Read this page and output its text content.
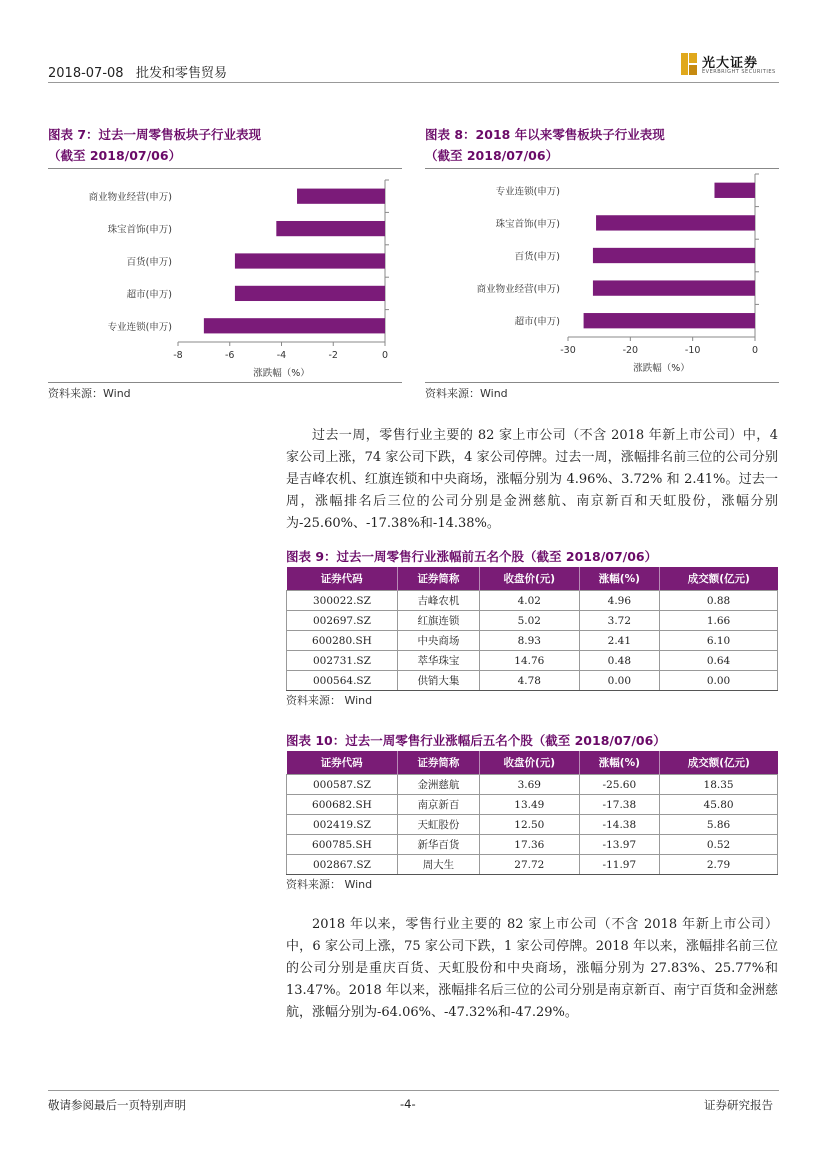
2018-07-08 批发和零售贸易
光大证券
EVERBRIGHT SECURITIES
图表 7：过去一周零售板块子行业表现
（截至 2018/07/06）
商业物业经营(申万)
珠宝首饰(申万)
百货(申万)
超市(申万)
专业连锁(申万)
-8	-6	-4	-2	0
涨跌幅（%）
资料来源：Wind
图表 8：2018 年以来零售板块子行业表现
（截至 2018/07/06）
专业连锁(申万)
珠宝首饰(申万)
百货(申万)
商业物业经营(申万)
超市(申万)
-30	-20	-10	0
涨跌幅（%）
资料来源：Wind
过去一周，零售行业主要的 82 家上市公司（不含 2018 年新上市公司）中，4 家公司上涨，74 家公司下跌，4 家公司停牌。过去一周，涨幅排名前三位的公司分别是吉峰农机、红旗连锁和中央商场，涨幅分别为 4.96%、3.72% 和 2.41%。过去一周，涨幅排名后三位的公司分别是金洲慈航、南京新百和天虹股份，涨幅分别为-25.60%、-17.38%和-14.38%。
图表 9：过去一周零售行业涨幅前五名个股（截至 2018/07/06）
证券代码	证券简称	收盘价(元)	涨幅(%)	成交额(亿元)
300022.SZ	吉峰农机	4.02	4.96	0.88
002697.SZ	红旗连锁	5.02	3.72	1.66
600280.SH	中央商场	8.93	2.41	6.10
002731.SZ	萃华珠宝	14.76	0.48	0.64
000564.SZ	供销大集	4.78	0.00	0.00
资料来源： Wind
图表 10：过去一周零售行业涨幅后五名个股（截至 2018/07/06）
证券代码	证券简称	收盘价(元)	涨幅(%)	成交额(亿元)
000587.SZ	金洲慈航	3.69	-25.60	18.35
600682.SH	南京新百	13.49	-17.38	45.80
002419.SZ	天虹股份	12.50	-14.38	5.86
600785.SH	新华百货	17.36	-13.97	0.52
002867.SZ	周大生	27.72	-11.97	2.79
资料来源： Wind
2018 年以来，零售行业主要的 82 家上市公司（不含 2018 年新上市公司）中，6 家公司上涨，75 家公司下跌，1 家公司停牌。2018 年以来，涨幅排名前三位的公司分别是重庆百货、天虹股份和中央商场，涨幅分别为 27.83%、25.77%和 13.47%。2018 年以来，涨幅排名后三位的公司分别是南京新百、南宁百货和金洲慈航，涨幅分别为-64.06%、-47.32%和-47.29%。
敬请参阅最后一页特别声明	-4-	证券研究报告
